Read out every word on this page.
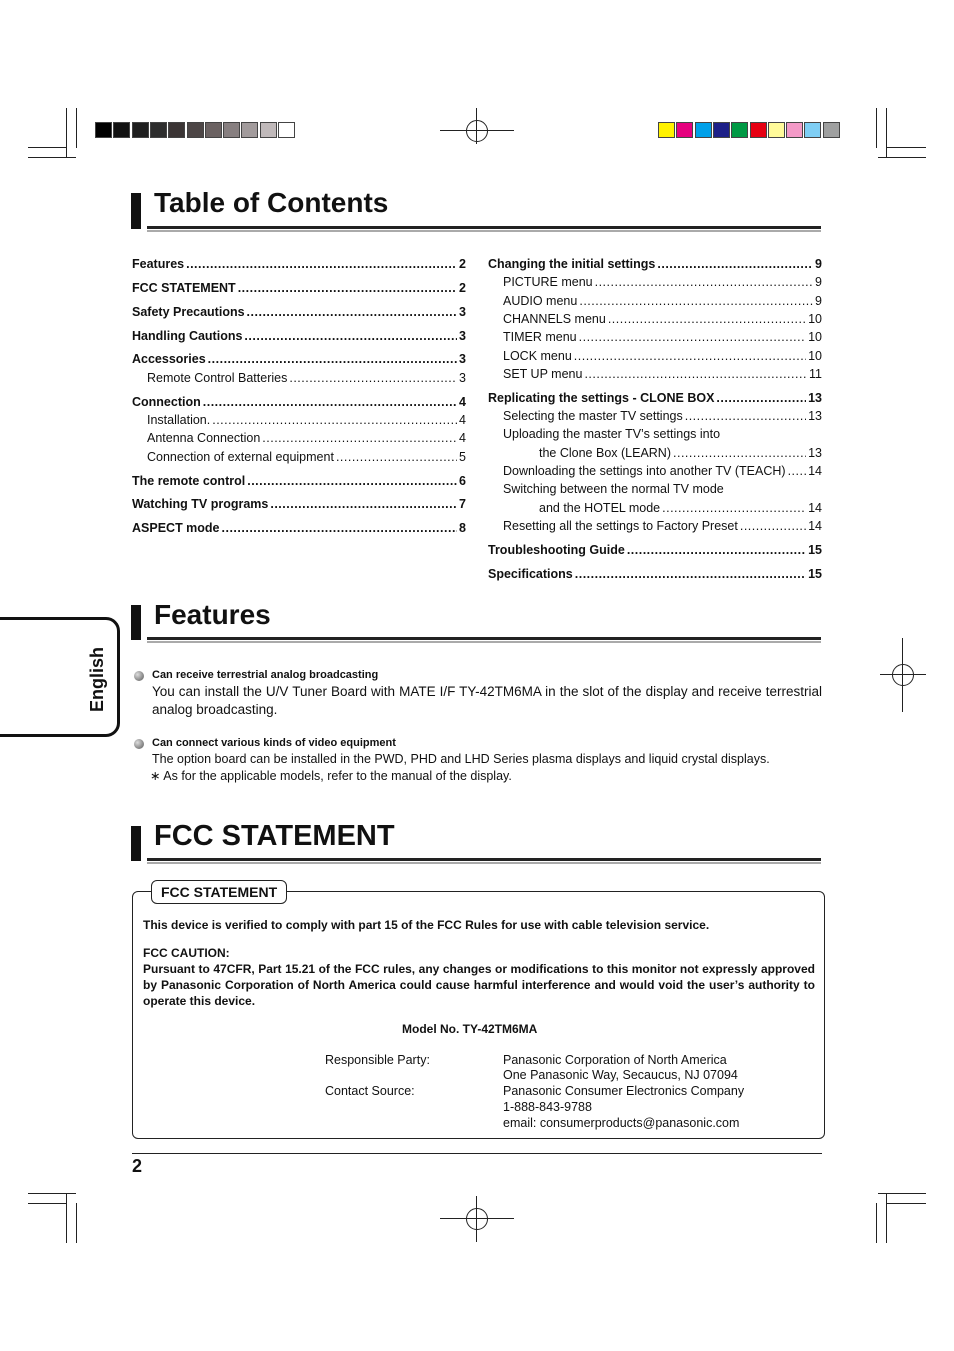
Table of Contents
Features .....	2
FCC STATEMENT .....	2
Safety Precautions .....	3
Handling Cautions .....	3
Accessories .....	3
Remote Control Batteries .....	3
Connection .....	4
Installation. .....	4
Antenna Connection .....	4
Connection of external equipment .....	5
The remote control .....	6
Watching TV programs .....	7
ASPECT mode .....	8
Changing the initial settings .....	9
PICTURE menu .....	9
AUDIO menu .....	9
CHANNELS menu .....	10
TIMER menu .....	10
LOCK menu .....	10
SET UP menu .....	11
Replicating the settings - CLONE BOX .....	13
Selecting the master TV settings .....	13
Uploading the master TV’s settings into
the Clone Box (LEARN) .....	13
Downloading the settings into another TV (TEACH) ..... 14
Switching between the normal TV mode
and the HOTEL mode .....	14
Resetting all the settings to Factory Preset .....	14
Troubleshooting Guide .....	15
Specifications .....	15
English
Features
Can receive terrestrial analog broadcasting
You can install the U/V Tuner Board with MATE I/F TY-42TM6MA in the slot of the display and receive terrestrial analog broadcasting.
Can connect various kinds of video equipment
The option board can be installed in the PWD, PHD and LHD Series plasma displays and liquid crystal displays.
∗ As for the applicable models, refer to the manual of the display.
FCC STATEMENT
FCC STATEMENT
This device is verified to comply with part 15 of the FCC Rules for use with cable television service.
FCC CAUTION:
Pursuant to 47CFR, Part 15.21 of the FCC rules, any changes or modifications to this monitor not expressly approved by Panasonic Corporation of North America could cause harmful interference and would void the user’s authority to operate this device.
Model No. TY-42TM6MA
Responsible Party:	Panasonic Corporation of North America
One Panasonic Way, Secaucus, NJ 07094
Contact Source:	Panasonic Consumer Electronics Company
1-888-843-9788
email: consumerproducts@panasonic.com
2
